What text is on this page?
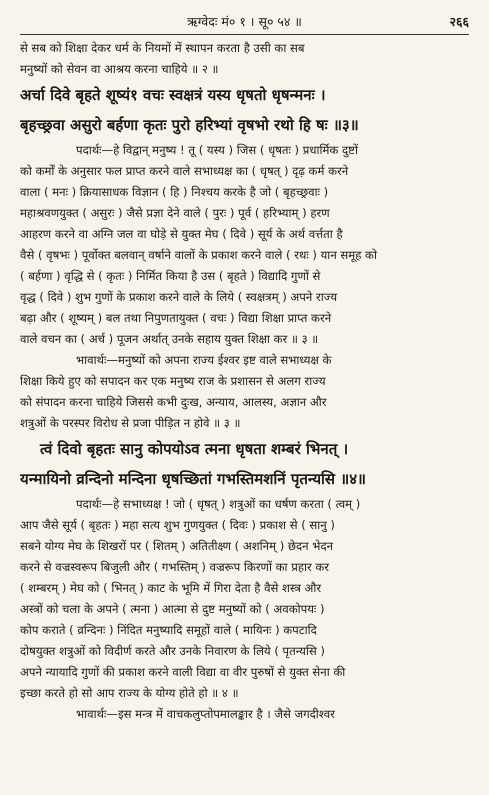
ऋग्वेदः मं० १ । सू० ५४ ॥	२६६
से सब को शिक्षा देकर धर्म के नियमों में स्थापन करता है उसी का सब
मनुष्यों को सेवन वा आश्रय करना चाहिये ॥ २ ॥
अर्चा दिवे बृहते शूष्यं१ वचः स्वक्षत्रं यस्य धृषतो धृषन्मनः ।
बृहच्छ्रवा असुरो बर्हणा कृतः पुरो हरिभ्यां वृषभो रथो हि षः ॥३॥
पदार्थः—हे विद्वान् मनुष्य ! तू ( यस्य ) जिस ( धृषतः ) प्रधार्मिक दुष्टों
को कर्मों के अनुसार फल प्राप्त करने वाले सभाध्यक्ष का ( धृषत् ) दृढ़ कर्म करने
वाला ( मनः ) क्रियासाधक विज्ञान ( हि ) निश्चय करके है जो ( बृहच्छ्रवाः )
महाश्रवणयुक्त ( असुरः ) जैसे प्रज्ञा देने वाले ( पुरः ) पूर्व ( हरिभ्याम् ) हरण
आहरण करने वा अग्नि जल वा घोड़े से युक्त मेघ ( दिवे ) सूर्य के अर्थ वर्त्तता है
वैसे ( वृषभः ) पूर्वोक्त बलवान् वर्षाने वालों के प्रकाश करने वाले ( रथः ) यान समूह को
( बर्हणा ) वृद्धि से ( कृतः ) निर्मित किया है उस ( बृहते ) विद्यादि गुणों से
वृद्ध ( दिवे ) शुभ गुणों के प्रकाश करने वाले के लिये ( स्वक्षत्रम् ) अपने राज्य
बढ़ा और ( शूष्यम् ) बल तथा निपुणतायुक्त ( वचः ) विद्या शिक्षा प्राप्त करने
वाले वचन का ( अर्च ) पूजन अर्थात् उनके सहाय युक्त शिक्षा कर ॥ ३ ॥
भावार्थः—मनुष्यों को अपना राज्य ईश्वर इष्ट वाले सभाध्यक्ष के
शिक्षा किये हुए को सपादन कर एक मनुष्य राज के प्रशासन से अलग राज्य
को संपादन करना चाहिये जिससे कभी दुःख, अन्याय, आलस्य, अज्ञान और
शत्रुओं के परस्पर विरोध से प्रजा पीड़ित न होवे ॥ ३ ॥
त्वं दिवो बृहतः सानु कोपयोऽव त्मना धृषता शम्बरं भिनत् ।
यन्मायिनो व्रन्दिनो मन्दिना धृषच्छितां गभस्तिमशनिं पृतन्यसि ॥४॥
पदार्थः—हे सभाध्यक्ष ! जो ( धृषत् ) शत्रुओं का धर्षण करता ( त्वम् )
आप जैसे सूर्य ( बृहतः ) महा सत्य शुभ गुणयुक्त ( दिवः ) प्रकाश से ( सानु )
सबने योग्य मेघ के शिखरों पर ( शितम् ) अतितीक्ष्ण ( अशनिम् ) छेदन भेदन
करने से वज्रस्वरूप बिजुली और ( गभस्तिम् ) वज्ररूप किरणों का प्रहार कर
( शम्बरम् ) मेघ को ( भिनत् ) काट के भूमि में गिरा देता है वैसे शस्त्र और
अस्त्रों को चला के अपने ( त्मना ) आत्मा से दुष्ट मनुष्यों को ( अवकोपयः )
कोप कराते ( व्रन्दिनः ) निंदित मनुष्यादि समूहों वाले ( मायिनः ) कपटादि
दोषयुक्त शत्रुओं को विदीर्ण करते और उनके निवारण के लिये ( पृतन्यसि )
अपने न्यायादि गुणों की प्रकाश करने वाली विद्या वा वीर पुरुषों से युक्त सेना की
इच्छा करते हो सो आप राज्य के योग्य होते हो ॥ ४ ॥
भावार्थः—इस मन्त्र में वाचकलुप्तोपमालङ्कार है । जैसे जगदीश्वर
